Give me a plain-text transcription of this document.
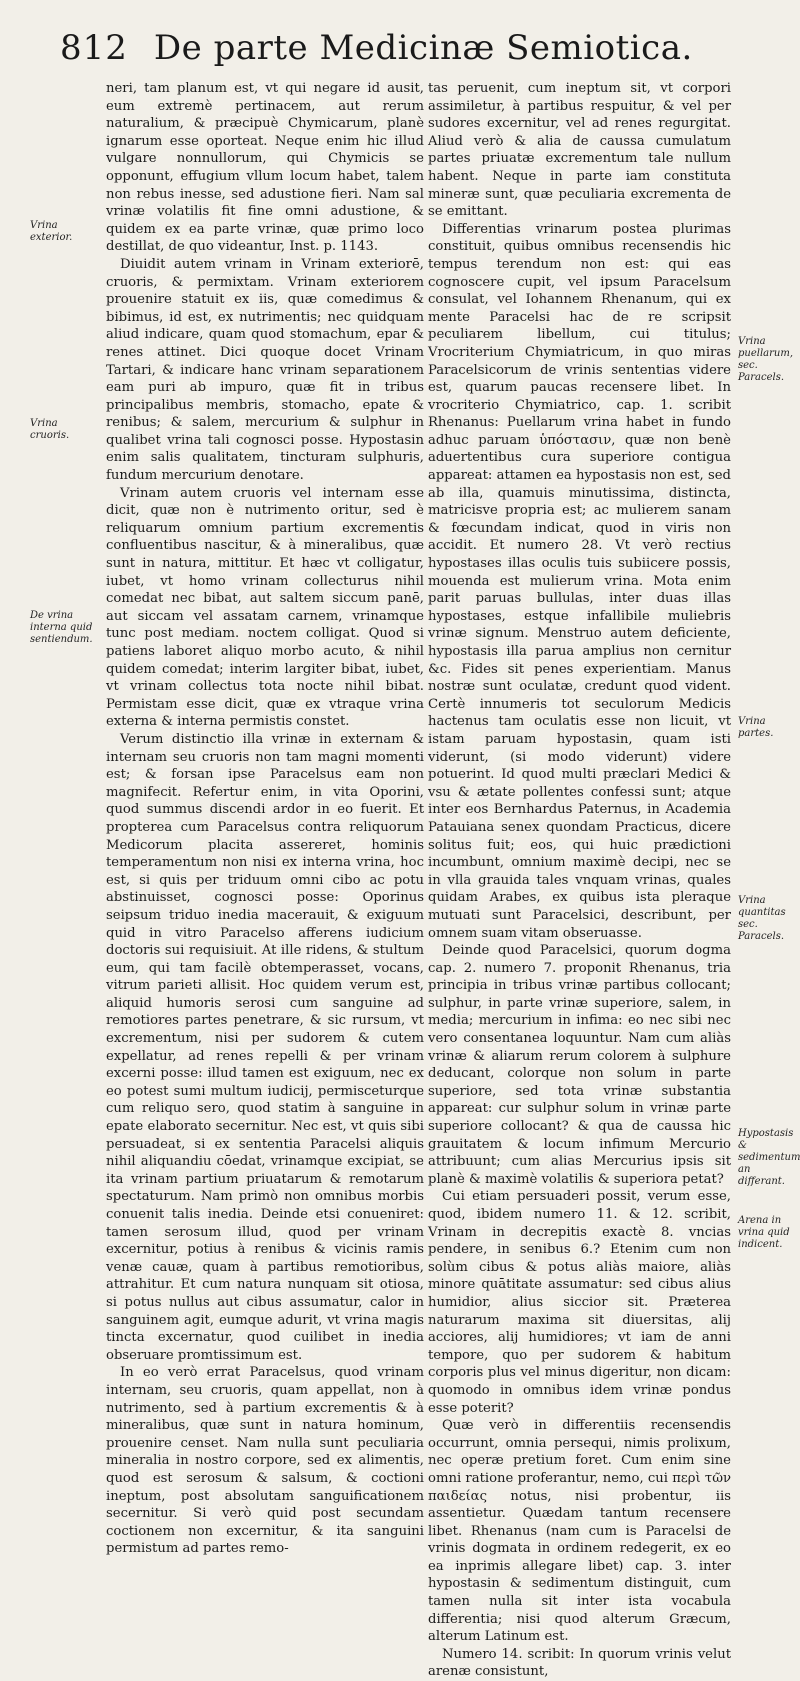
812 De parte Medicinæ Semiotica.

neri, tam planum est, vt qui negare id ausit, eum extremè pertinacem, aut rerum naturalium, & præcipuè Chymicarum, planè ignarum esse oporteat. Neque enim hic illud vulgare nonnullorum, qui Chymicis se opponunt, effugium vllum locum habet, talem non rebus inesse, sed adustione fieri. Nam sal vrinæ volatilis fit fine omni adustione, & quidem ex ea parte vrinæ, quæ primo loco destillat, de quo videantur, Inst. p. 1143.

Diuidit autem vrinam in Vrinam exteriorē, cruoris, & permixtam. Vrinam exteriorem prouenire statuit ex iis, quæ comedimus & bibimus, id est, ex nutrimentis; nec quidquam aliud indicare, quam quod stomachum, epar & renes attinet. Dici quoque docet Vrinam Tartari, & indicare hanc vrinam separationem eam puri ab impuro, quæ fit in tribus principalibus membris, stomacho, epate & renibus; & salem, mercurium & sulphur in qualibet vrina tali cognosci posse. Hypostasin enim salis qualitatem, tincturam sulphuris, fundum mercurium denotare.

Vrinam autem cruoris vel internam esse dicit, quæ non è nutrimento oritur, sed è reliquarum omnium partium excrementis confluentibus nascitur, & à mineralibus, quæ sunt in natura, mittitur. Et hæc vt colligatur, iubet, vt homo vrinam collecturus nihil comedat nec bibat, aut saltem siccum panē, aut siccam vel assatam carnem, vrinamque tunc post mediam. noctem colligat. Quod si patiens laboret aliquo morbo acuto, & nihil quidem comedat; interim largiter bibat, iubet, vt vrinam collectus tota nocte nihil bibat. Permistam esse dicit, quæ ex vtraque vrina externa & interna permistis constet.

Verum distinctio illa vrinæ in externam & internam seu cruoris non tam magni momenti est; & forsan ipse Paracelsus eam non magnifecit. Refertur enim, in vita Oporini, quod summus discendi ardor in eo fuerit. Et propterea cum Paracelsus contra reliquorum Medicorum placita assereret, hominis temperamentum non nisi ex interna vrina, hoc est, si quis per triduum omni cibo ac potu abstinuisset, cognosci posse: Oporinus seipsum triduo inedia macerauit, & exiguum quid in vitro Paracelso afferens iudicium doctoris sui requisiuit. At ille ridens, & stultum eum, qui tam facilè obtemperasset, vocans, vitrum parieti allisit. Hoc quidem verum est, aliquid humoris serosi cum sanguine ad remotiores partes penetrare, & sic rursum, vt excrementum, nisi per sudorem & cutem expellatur, ad renes repelli & per vrinam excerni posse: illud tamen est exiguum, nec ex eo potest sumi multum iudicij, permisceturque cum reliquo sero, quod statim à sanguine in epate elaborato secernitur. Nec est, vt quis sibi persuadeat, si ex sententia Paracelsi aliquis nihil aliquandiu cōedat, vrinamque excipiat, se ita vrinam partium priuatarum & remotarum spectaturum. Nam primò non omnibus morbis conuenit talis inedia. Deinde etsi conueniret: tamen serosum illud, quod per vrinam excernitur, potius à renibus & vicinis ramis venæ cauæ, quam à partibus remotioribus, attrahitur. Et cum natura nunquam sit otiosa, si potus nullus aut cibus assumatur, calor in sanguinem agit, eumque adurit, vt vrina magis tincta excernatur, quod cuilibet in inedia obseruare promtissimum est.

In eo verò errat Paracelsus, quod vrinam internam, seu cruoris, quam appellat, non à nutrimento, sed à partium excrementis & à mineralibus, quæ sunt in natura hominum, prouenire censet. Nam nulla sunt peculiaria mineralia in nostro corpore, sed ex alimentis, quod est serosum & salsum, & coctioni ineptum, post absolutam sanguificationem secernitur. Si verò quid post secundam coctionem non excernitur, & ita sanguini permistum ad partes remo-

tas peruenit, cum ineptum sit, vt corpori assimiletur, à partibus respuitur, & vel per sudores excernitur, vel ad renes regurgitat. Aliud verò & alia de caussa cumulatum partes priuatæ excrementum tale nullum habent. Neque in parte iam constituta mineræ sunt, quæ peculiaria excrementa de se emittant.

Differentias vrinarum postea plurimas constituit, quibus omnibus recensendis hic tempus terendum non est: qui eas cognoscere cupit, vel ipsum Paracelsum consulat, vel Iohannem Rhenanum, qui ex mente Paracelsi hac de re scripsit peculiarem libellum, cui titulus; Vrocriterium Chymiatricum, in quo miras Paracelsicorum de vrinis sententias videre est, quarum paucas recensere libet. In vrocriterio Chymiatrico, cap. 1. scribit Rhenanus: Puellarum vrina habet in fundo adhuc paruam ὑπόστασιν, quæ non benè aduertentibus cura superiore contigua appareat: attamen ea hypostasis non est, sed ab illa, quamuis minutissima, distincta, matricisve propria est; ac mulierem sanam & fœcundam indicat, quod in viris non accidit. Et numero 28. Vt verò rectius hypostases illas oculis tuis subiicere possis, mouenda est mulierum vrina. Mota enim parit paruas bullulas, inter duas illas hypostases, estque infallibile muliebris vrinæ signum. Menstruo autem deficiente, hypostasis illa parua amplius non cernitur &c. Fides sit penes experientiam. Manus nostræ sunt oculatæ, credunt quod vident. Certè innumeris tot seculorum Medicis hactenus tam oculatis esse non licuit, vt istam paruam hypostasin, quam isti viderunt, (si modo viderunt) videre potuerint. Id quod multi præclari Medici & vsu & ætate pollentes confessi sunt; atque inter eos Bernhardus Paternus, in Academia Patauiana senex quondam Practicus, dicere solitus fuit; eos, qui huic prædictioni incumbunt, omnium maximè decipi, nec se in vlla grauida tales vnquam vrinas, quales quidam Arabes, ex quibus ista pleraque mutuati sunt Paracelsici, describunt, per omnem suam vitam obseruasse.

Deinde quod Paracelsici, quorum dogma cap. 2. numero 7. proponit Rhenanus, tria principia in tribus vrinæ partibus collocant; sulphur, in parte vrinæ superiore, salem, in media; mercurium in infima: eo nec sibi nec vero consentanea loquuntur. Nam cum aliàs vrinæ & aliarum rerum colorem à sulphure deducant, colorque non solum in parte superiore, sed tota vrinæ substantia appareat: cur sulphur solum in vrinæ parte superiore collocant? & qua de caussa hic grauitatem & locum infimum Mercurio attribuunt; cum alias Mercurius ipsis sit planè & maximè volatilis & superiora petat?

Cui etiam persuaderi possit, verum esse, quod, ibidem numero 11. & 12. scribit, Vrinam in decrepitis exactè 8. vncias pendere, in senibus 6.? Etenim cum non solùm cibus & potus aliàs maiore, aliàs minore quātitate assumatur: sed cibus alius humidior, alius siccior sit. Præterea naturarum maxima sit diuersitas, alij acciores, alij humidiores; vt iam de anni tempore, quo per sudorem & habitum corporis plus vel minus digeritur, non dicam: quomodo in omnibus idem vrinæ pondus esse poterit?

Quæ verò in differentiis recensendis occurrunt, omnia persequi, nimis prolixum, nec operæ pretium foret. Cum enim sine omni ratione proferantur, nemo, cui περὶ τῶν παιδείας notus, nisi probentur, iis assentietur. Quædam tantum recensere libet. Rhenanus (nam cum is Paracelsi de vrinis dogmata in ordinem redegerit, ex eo ea inprimis allegare libet) cap. 3. inter hypostasin & sedimentum distinguit, cum tamen nulla sit inter ista vocabula differentia; nisi quod alterum Græcum, alterum Latinum est.

Numero 14. scribit: In quorum vrinis velut arenæ consistunt,

Vrina exterior.
Vrina cruoris.
De vrina interna quid sentiendum.
Vrina puellarum, sec. Paracels.
Vrina partes.
Vrina quantitas sec. Paracels.
Hypostasis & sedimentum an differant.
Arena in vrina quid indicent.
